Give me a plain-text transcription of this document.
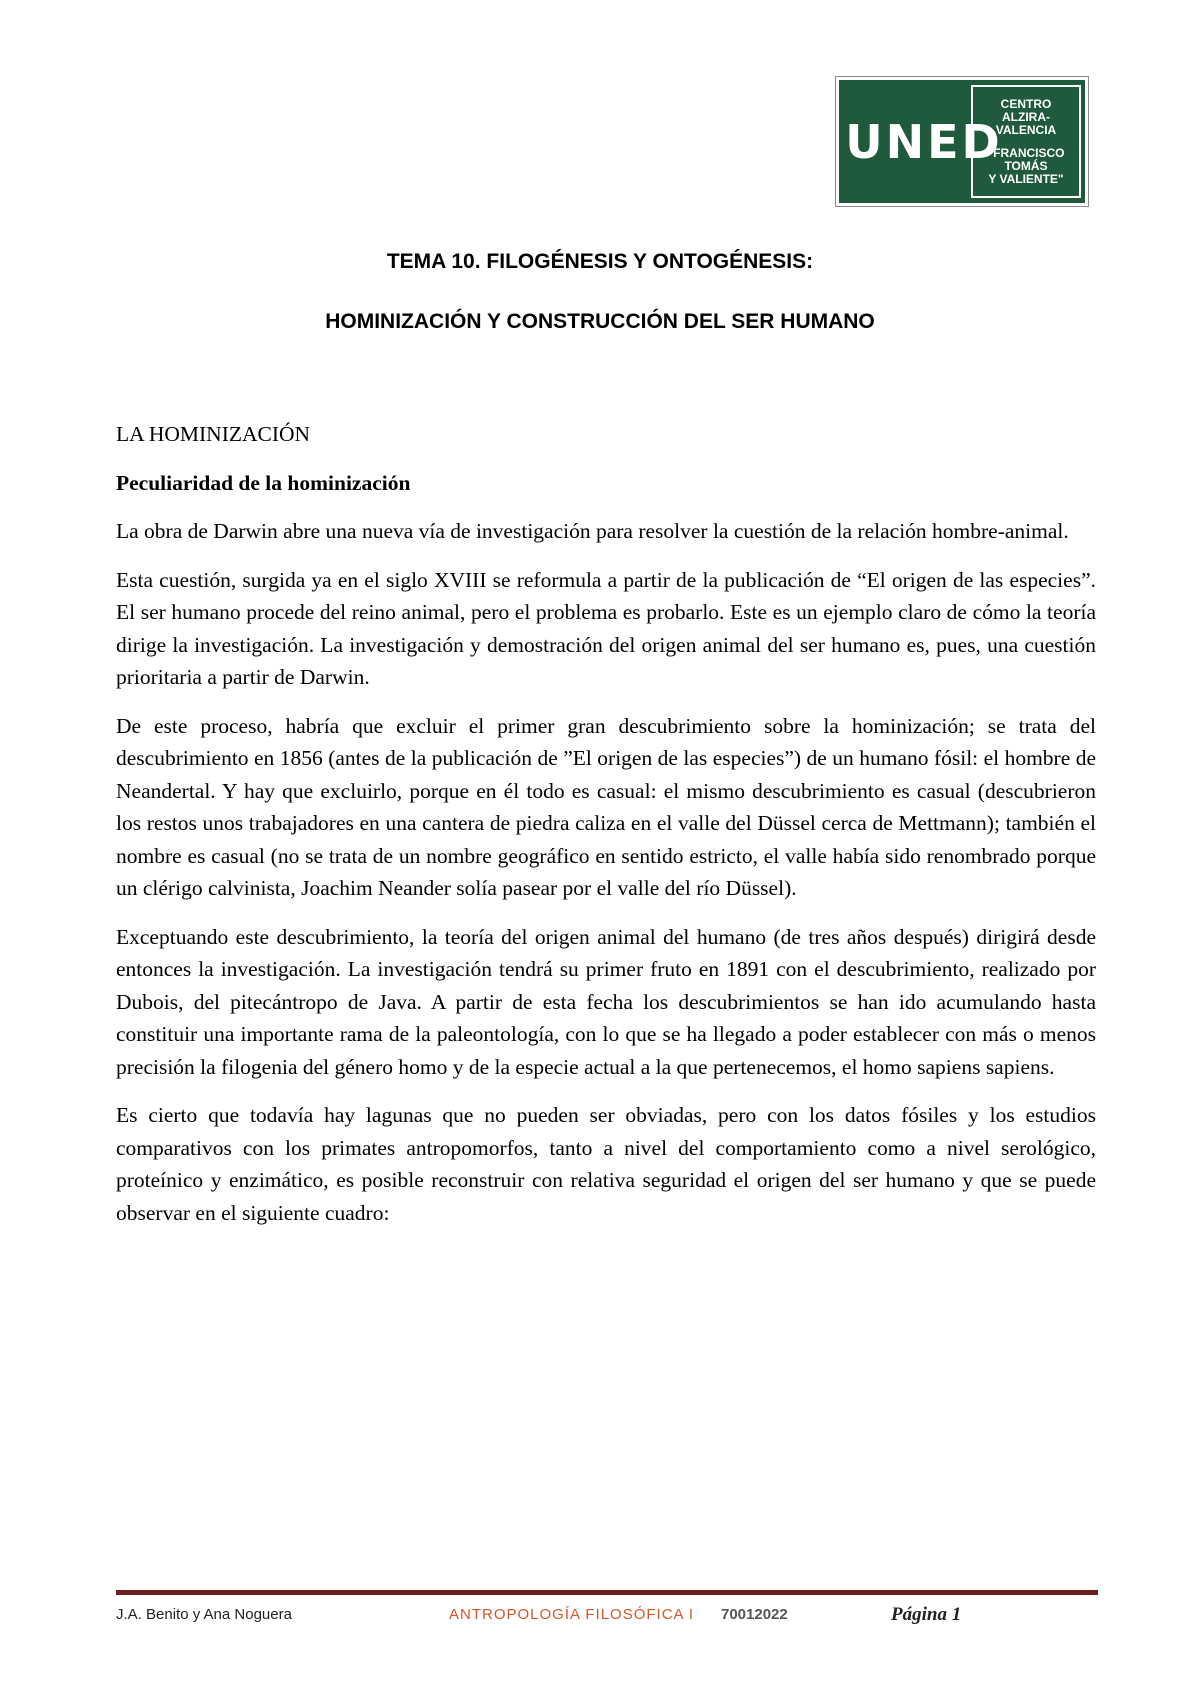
UNED
CENTRO
ALZIRA-VALENCIA
"FRANCISCO
TOMÁS
Y VALIENTE"
TEMA 10. FILOGÉNESIS Y ONTOGÉNESIS:
HOMINIZACIÓN Y CONSTRUCCIÓN DEL SER HUMANO

LA HOMINIZACIÓN

Peculiaridad de la hominización

La obra de Darwin abre una nueva vía de investigación para resolver la cuestión de la relación hombre-animal.

Esta cuestión, surgida ya en el siglo XVIII se reformula a partir de la publicación de “El origen de las especies”. El ser humano procede del reino animal, pero el problema es probarlo. Este es un ejemplo claro de cómo la teoría dirige la investigación. La investigación y demostración del origen animal del ser humano es, pues, una cuestión prioritaria a partir de Darwin.

De este proceso, habría que excluir el primer gran descubrimiento sobre la hominización; se trata del descubrimiento en 1856 (antes de la publicación de ”El origen de las especies”) de un humano fósil: el hombre de Neandertal. Y hay que excluirlo, porque en él todo es casual: el mismo descubrimiento es casual (descubrieron los restos unos trabajadores en una cantera de piedra caliza en el valle del Düssel cerca de Mettmann); también el nombre es casual (no se trata de un nombre geográfico en sentido estricto, el valle había sido renombrado porque un clérigo calvinista, Joachim Neander solía pasear por el valle del río Düssel).

Exceptuando este descubrimiento, la teoría del origen animal del humano (de tres años después) dirigirá desde entonces la investigación. La investigación tendrá su primer fruto en 1891 con el descubrimiento, realizado por Dubois, del pitecántropo de Java. A partir de esta fecha los descubrimientos se han ido acumulando hasta constituir una importante rama de la paleontología, con lo que se ha llegado a poder establecer con más o menos precisión la filogenia del género homo y de la especie actual a la que pertenecemos, el homo sapiens sapiens.

Es cierto que todavía hay lagunas que no pueden ser obviadas, pero con los datos fósiles y los estudios comparativos con los primates antropomorfos, tanto a nivel del comportamiento como a nivel serológico, proteínico y enzimático, es posible reconstruir con relativa seguridad el origen del ser humano y que se puede observar en el siguiente cuadro:

J.A. Benito y Ana Noguera	ANTROPOLOGÍA FILOSÓFICA I 70012022	Página 1
